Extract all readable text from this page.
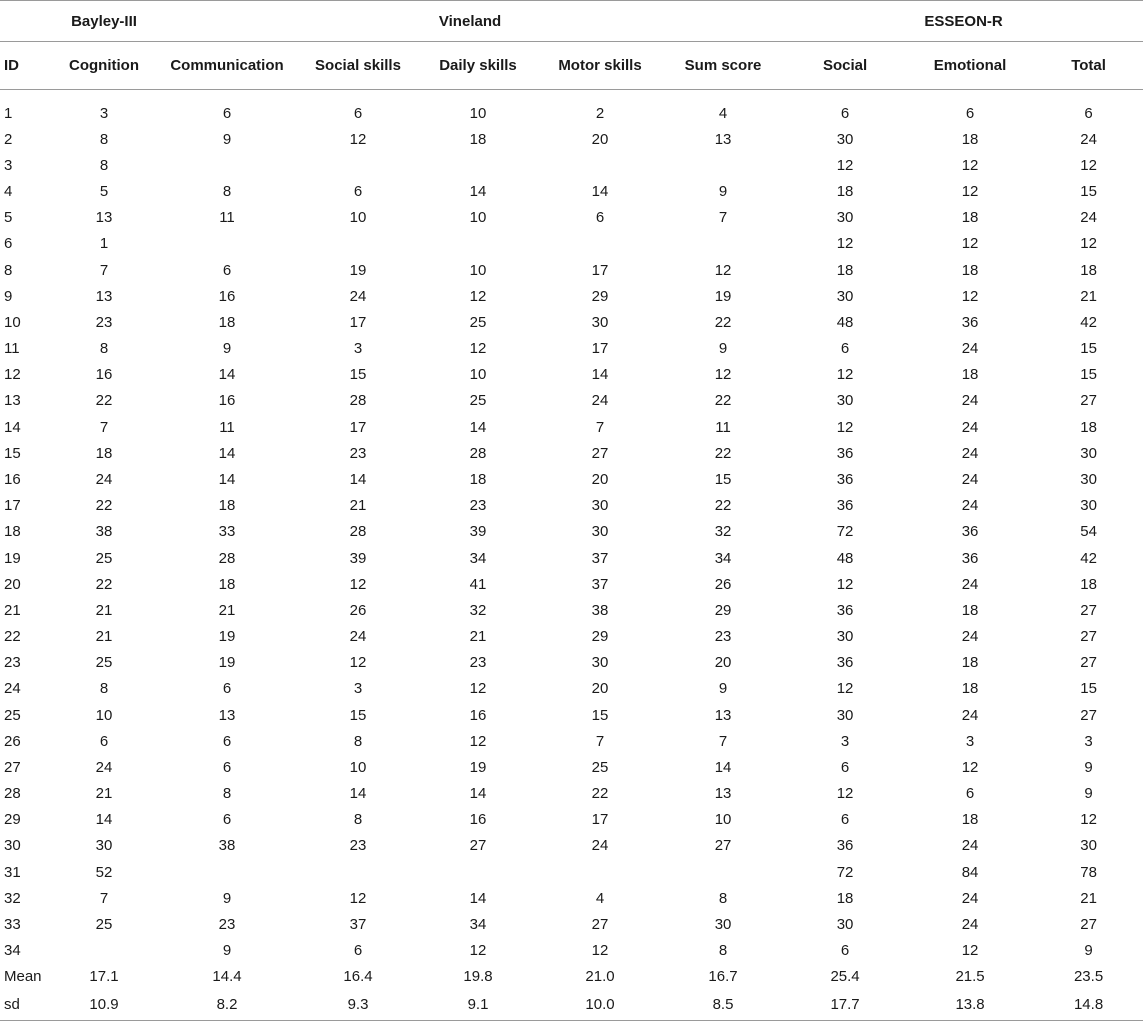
	Bayley-III	Vineland					ESSEON-R		
ID	Cognition	Communication	Social skills	Daily skills	Motor skills	Sum score	Social	Emotional	Total

1	3	6	6	10	2	4	6	6	6
2	8	9	12	18	20	13	30	18	24
3	8						12	12	12
4	5	8	6	14	14	9	18	12	15
5	13	11	10	10	6	7	30	18	24
6	1						12	12	12
8	7	6	19	10	17	12	18	18	18
9	13	16	24	12	29	19	30	12	21
10	23	18	17	25	30	22	48	36	42
11	8	9	3	12	17	9	6	24	15
12	16	14	15	10	14	12	12	18	15
13	22	16	28	25	24	22	30	24	27
14	7	11	17	14	7	11	12	24	18
15	18	14	23	28	27	22	36	24	30
16	24	14	14	18	20	15	36	24	30
17	22	18	21	23	30	22	36	24	30
18	38	33	28	39	30	32	72	36	54
19	25	28	39	34	37	34	48	36	42
20	22	18	12	41	37	26	12	24	18
21	21	21	26	32	38	29	36	18	27
22	21	19	24	21	29	23	30	24	27
23	25	19	12	23	30	20	36	18	27
24	8	6	3	12	20	9	12	18	15
25	10	13	15	16	15	13	30	24	27
26	6	6	8	12	7	7	3	3	3
27	24	6	10	19	25	14	6	12	9
28	21	8	14	14	22	13	12	6	9
29	14	6	8	16	17	10	6	18	12
30	30	38	23	27	24	27	36	24	30
31	52						72	84	78
32	7	9	12	14	4	8	18	24	21
33	25	23	37	34	27	30	30	24	27
34		9	6	12	12	8	6	12	9
Mean	17.1	14.4	16.4	19.8	21.0	16.7	25.4	21.5	23.5
sd	10.9	8.2	9.3	9.1	10.0	8.5	17.7	13.8	14.8
